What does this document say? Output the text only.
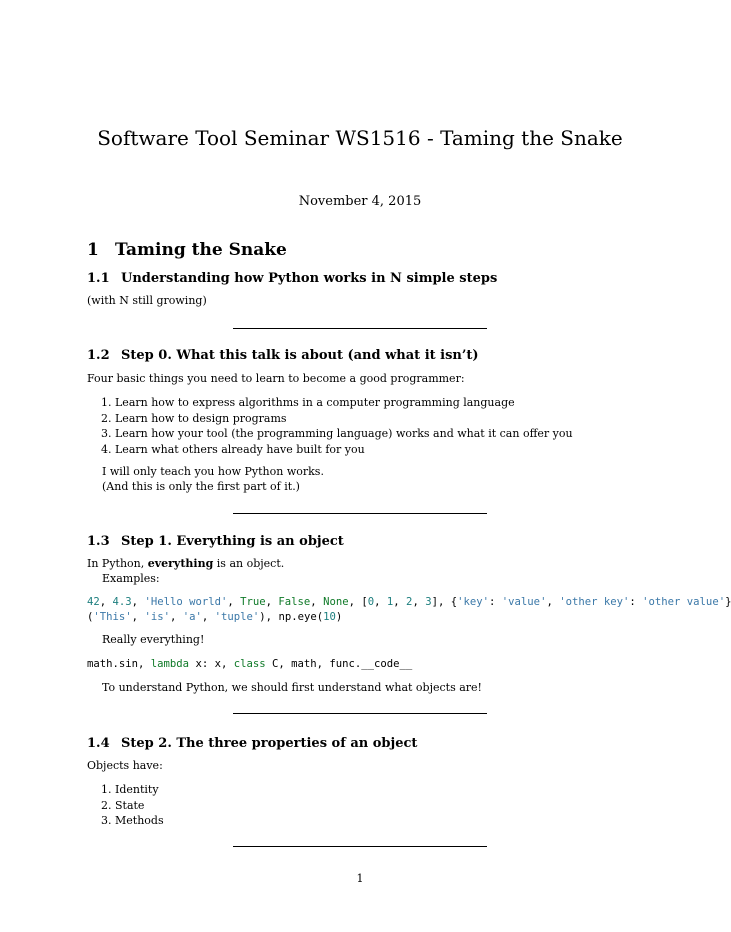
Software Tool Seminar WS1516 - Taming the Snake
November 4, 2015
1 Taming the Snake
1.1 Understanding how Python works in N simple steps
(with N still growing)
1.2 Step 0. What this talk is about (and what it isn’t)
Four basic things you need to learn to become a good programmer:
1. Learn how to express algorithms in a computer programming language
2. Learn how to design programs
3. Learn how your tool (the programming language) works and what it can offer you
4. Learn what others already have built for you
I will only teach you how Python works.
(And this is only the first part of it.)
1.3 Step 1. Everything is an object
In Python, everything is an object.
Examples:
42, 4.3, 'Hello world', True, False, None, [0, 1, 2, 3], {'key': 'value', 'other key': 'other value'}
('This', 'is', 'a', 'tuple'), np.eye(10)
Really everything!
math.sin, lambda x: x, class C, math, func.__code__
To understand Python, we should first understand what objects are!
1.4 Step 2. The three properties of an object
Objects have:
1. Identity
2. State
3. Methods
1
